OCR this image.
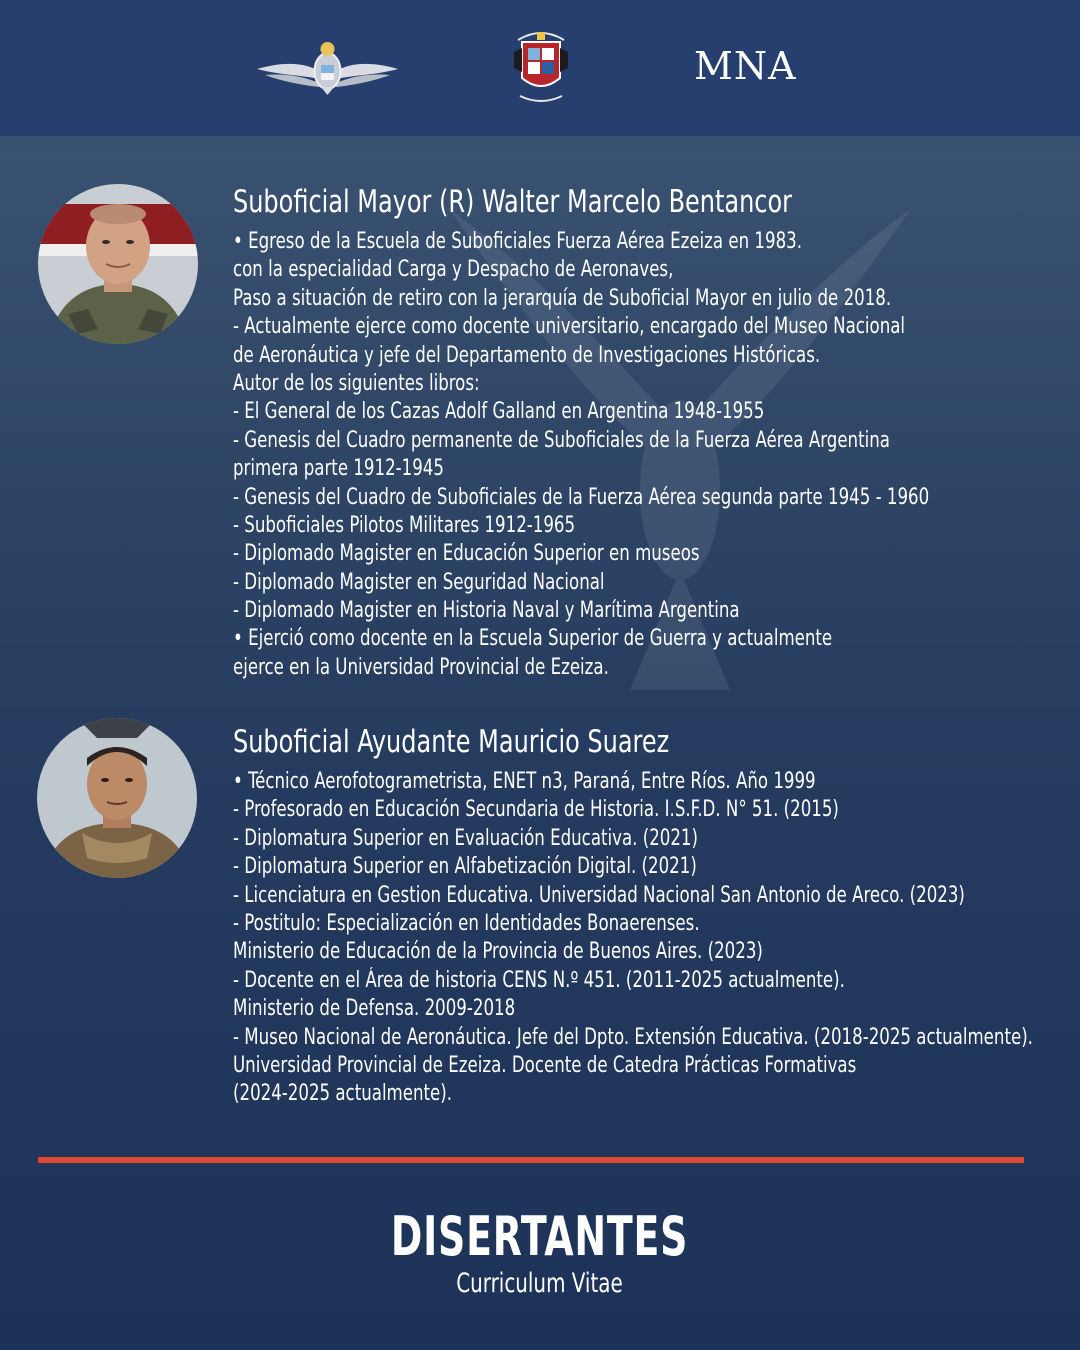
MNA
Suboficial Mayor (R) Walter Marcelo Bentancor
• Egreso de la Escuela de Suboficiales Fuerza Aérea Ezeiza en 1983.
con la especialidad Carga y Despacho de Aeronaves,
Paso a situación de retiro con la jerarquía de Suboficial Mayor en julio de 2018.
- Actualmente ejerce como docente universitario, encargado del Museo Nacional
de Aeronáutica y jefe del Departamento de Investigaciones Históricas.
Autor de los siguientes libros:
- El General de los Cazas Adolf Galland en Argentina 1948-1955
- Genesis del Cuadro permanente de Suboficiales de la Fuerza Aérea Argentina
primera parte 1912-1945
- Genesis del Cuadro de Suboficiales de la Fuerza Aérea segunda parte 1945 - 1960
- Suboficiales Pilotos Militares 1912-1965
- Diplomado Magister en Educación Superior en museos
- Diplomado Magister en Seguridad Nacional
- Diplomado Magister en Historia Naval y Marítima Argentina
• Ejerció como docente en la Escuela Superior de Guerra y actualmente
ejerce en la Universidad Provincial de Ezeiza.
Suboficial Ayudante Mauricio Suarez
• Técnico Aerofotogrametrista, ENET n3, Paraná, Entre Ríos. Año 1999
- Profesorado en Educación Secundaria de Historia. I.S.F.D. N° 51. (2015)
- Diplomatura Superior en Evaluación Educativa. (2021)
- Diplomatura Superior en Alfabetización Digital. (2021)
- Licenciatura en Gestion Educativa. Universidad Nacional San Antonio de Areco. (2023)
- Postitulo: Especialización en Identidades Bonaerenses.
Ministerio de Educación de la Provincia de Buenos Aires. (2023)
- Docente en el Área de historia CENS N.º 451. (2011-2025 actualmente).
Ministerio de Defensa. 2009-2018
- Museo Nacional de Aeronáutica. Jefe del Dpto. Extensión Educativa. (2018-2025 actualmente).
Universidad Provincial de Ezeiza. Docente de Catedra Prácticas Formativas
(2024-2025 actualmente).
DISERTANTES
Curriculum Vitae
